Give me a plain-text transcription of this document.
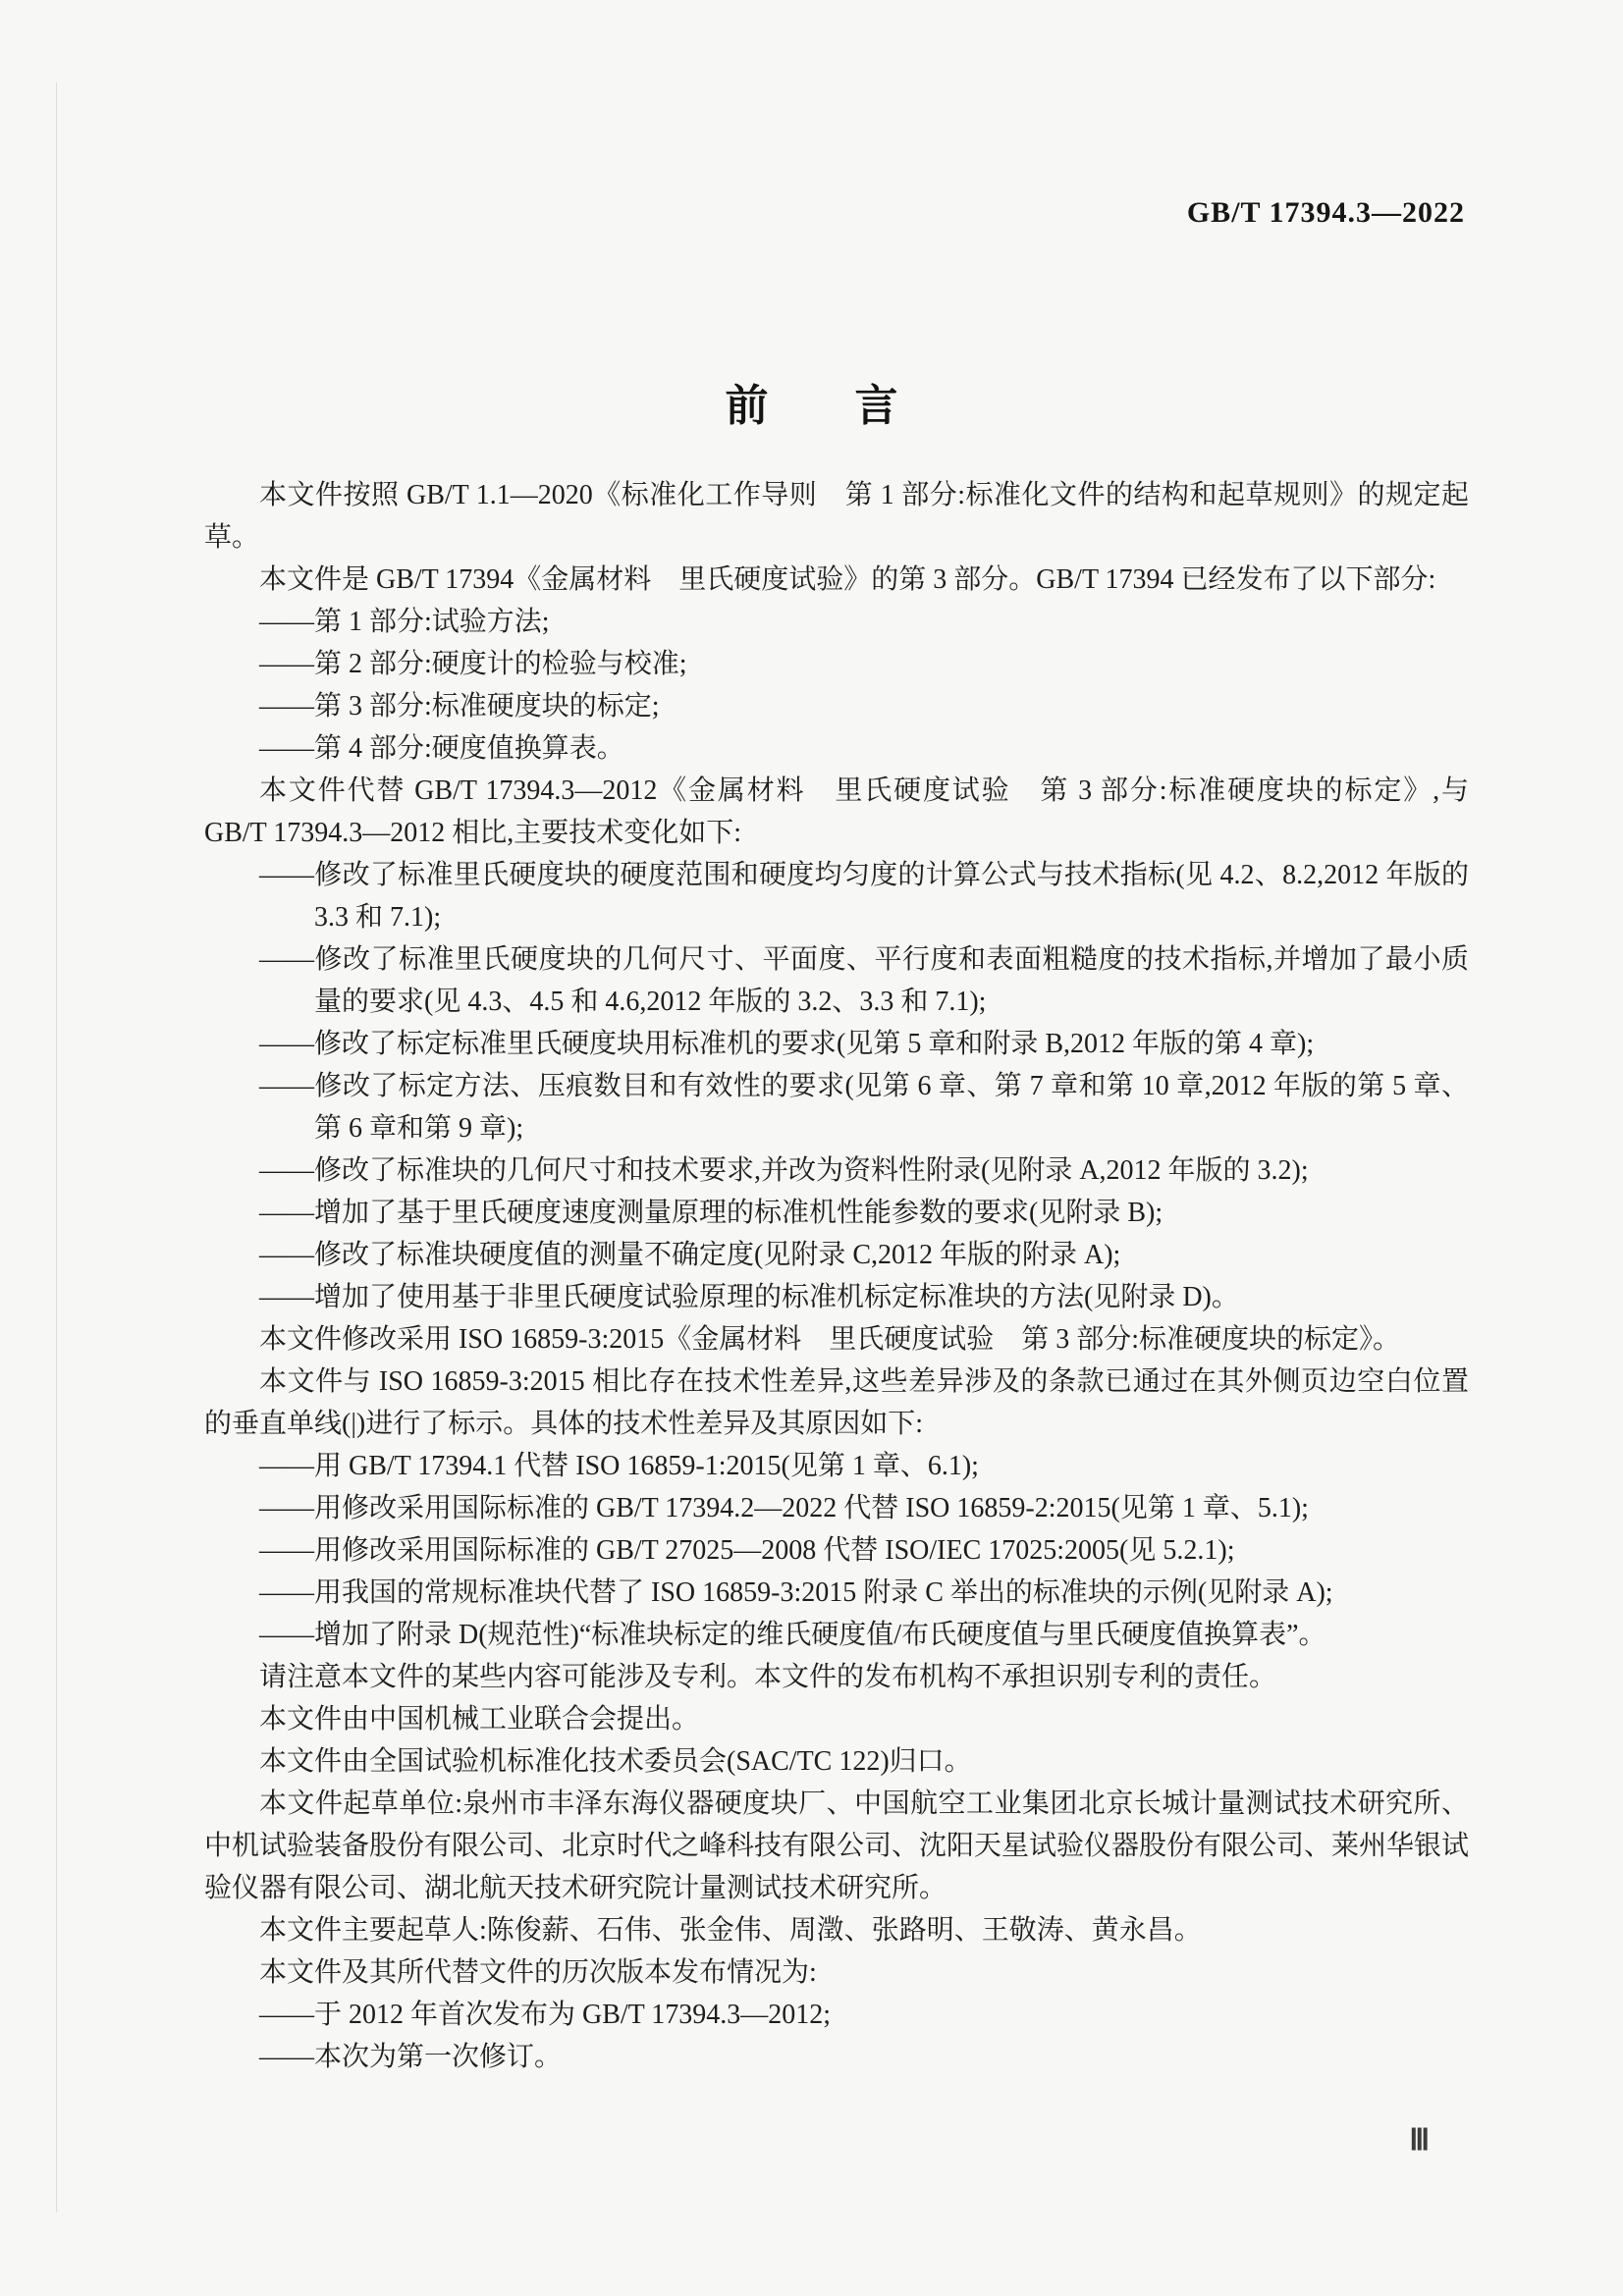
GB/T 17394.3—2022
前　　言

本文件按照 GB/T 1.1—2020《标准化工作导则　第 1 部分:标准化文件的结构和起草规则》的规定起草。

本文件是 GB/T 17394《金属材料　里氏硬度试验》的第 3 部分。GB/T 17394 已经发布了以下部分:

——第 1 部分:试验方法;

——第 2 部分:硬度计的检验与校准;

——第 3 部分:标准硬度块的标定;

——第 4 部分:硬度值换算表。

本文件代替 GB/T 17394.3—2012《金属材料　里氏硬度试验　第 3 部分:标准硬度块的标定》,与 GB/T 17394.3—2012 相比,主要技术变化如下:

——修改了标准里氏硬度块的硬度范围和硬度均匀度的计算公式与技术指标(见 4.2、8.2,2012 年版的 3.3 和 7.1);

——修改了标准里氏硬度块的几何尺寸、平面度、平行度和表面粗糙度的技术指标,并增加了最小质量的要求(见 4.3、4.5 和 4.6,2012 年版的 3.2、3.3 和 7.1);

——修改了标定标准里氏硬度块用标准机的要求(见第 5 章和附录 B,2012 年版的第 4 章);

——修改了标定方法、压痕数目和有效性的要求(见第 6 章、第 7 章和第 10 章,2012 年版的第 5 章、第 6 章和第 9 章);

——修改了标准块的几何尺寸和技术要求,并改为资料性附录(见附录 A,2012 年版的 3.2);

——增加了基于里氏硬度速度测量原理的标准机性能参数的要求(见附录 B);

——修改了标准块硬度值的测量不确定度(见附录 C,2012 年版的附录 A);

——增加了使用基于非里氏硬度试验原理的标准机标定标准块的方法(见附录 D)。

本文件修改采用 ISO 16859-3:2015《金属材料　里氏硬度试验　第 3 部分:标准硬度块的标定》。

本文件与 ISO 16859-3:2015 相比存在技术性差异,这些差异涉及的条款已通过在其外侧页边空白位置的垂直单线(|)进行了标示。具体的技术性差异及其原因如下:

——用 GB/T 17394.1 代替 ISO 16859-1:2015(见第 1 章、6.1);

——用修改采用国际标准的 GB/T 17394.2—2022 代替 ISO 16859-2:2015(见第 1 章、5.1);

——用修改采用国际标准的 GB/T 27025—2008 代替 ISO/IEC 17025:2005(见 5.2.1);

——用我国的常规标准块代替了 ISO 16859-3:2015 附录 C 举出的标准块的示例(见附录 A);

——增加了附录 D(规范性)“标准块标定的维氏硬度值/布氏硬度值与里氏硬度值换算表”。

请注意本文件的某些内容可能涉及专利。本文件的发布机构不承担识别专利的责任。

本文件由中国机械工业联合会提出。

本文件由全国试验机标准化技术委员会(SAC/TC 122)归口。

本文件起草单位:泉州市丰泽东海仪器硬度块厂、中国航空工业集团北京长城计量测试技术研究所、中机试验装备股份有限公司、北京时代之峰科技有限公司、沈阳天星试验仪器股份有限公司、莱州华银试验仪器有限公司、湖北航天技术研究院计量测试技术研究所。

本文件主要起草人:陈俊薪、石伟、张金伟、周澂、张路明、王敬涛、黄永昌。

本文件及其所代替文件的历次版本发布情况为:

——于 2012 年首次发布为 GB/T 17394.3—2012;

——本次为第一次修订。

Ⅲ
